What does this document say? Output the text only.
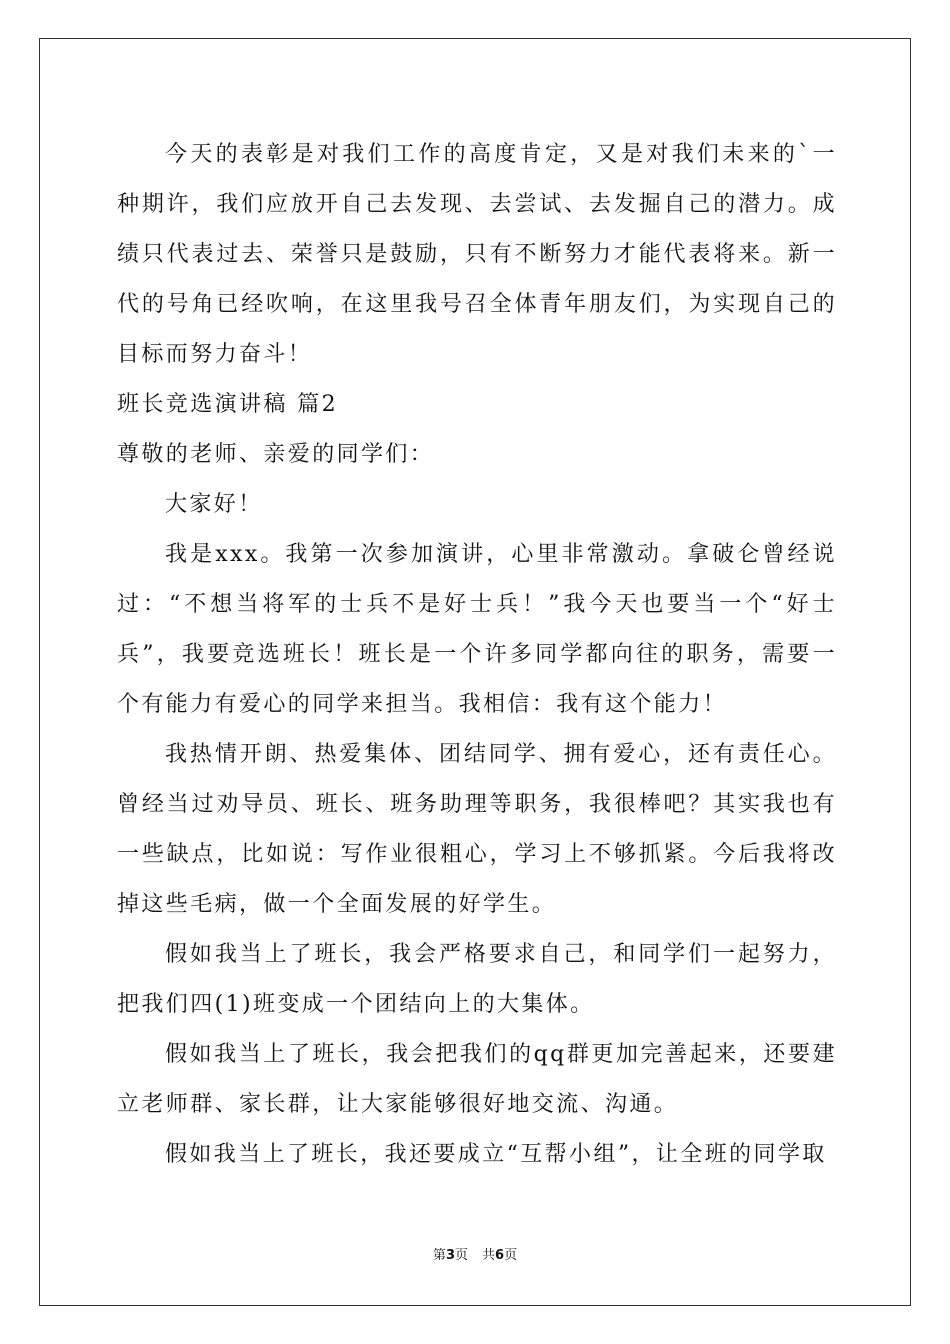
今天的表彰是对我们工作的高度肯定，又是对我们未来的`一种期许，我们应放开自己去发现、去尝试、去发掘自己的潜力。成绩只代表过去、荣誉只是鼓励，只有不断努力才能代表将来。新一代的号角已经吹响，在这里我号召全体青年朋友们，为实现自己的目标而努力奋斗！

班长竞选演讲稿 篇2

尊敬的老师、亲爱的同学们：

大家好！

我是xxx。我第一次参加演讲，心里非常激动。拿破仑曾经说过：“不想当将军的士兵不是好士兵！”我今天也要当一个“好士兵”，我要竞选班长！班长是一个许多同学都向往的职务，需要一个有能力有爱心的同学来担当。我相信：我有这个能力！

我热情开朗、热爱集体、团结同学、拥有爱心，还有责任心。曾经当过劝导员、班长、班务助理等职务，我很棒吧？其实我也有一些缺点，比如说：写作业很粗心，学习上不够抓紧。今后我将改掉这些毛病，做一个全面发展的好学生。

假如我当上了班长，我会严格要求自己，和同学们一起努力，把我们四(1)班变成一个团结向上的大集体。

假如我当上了班长，我会把我们的qq群更加完善起来，还要建立老师群、家长群，让大家能够很好地交流、沟通。

假如我当上了班长，我还要成立“互帮小组”，让全班的同学取

第3页 共6页
